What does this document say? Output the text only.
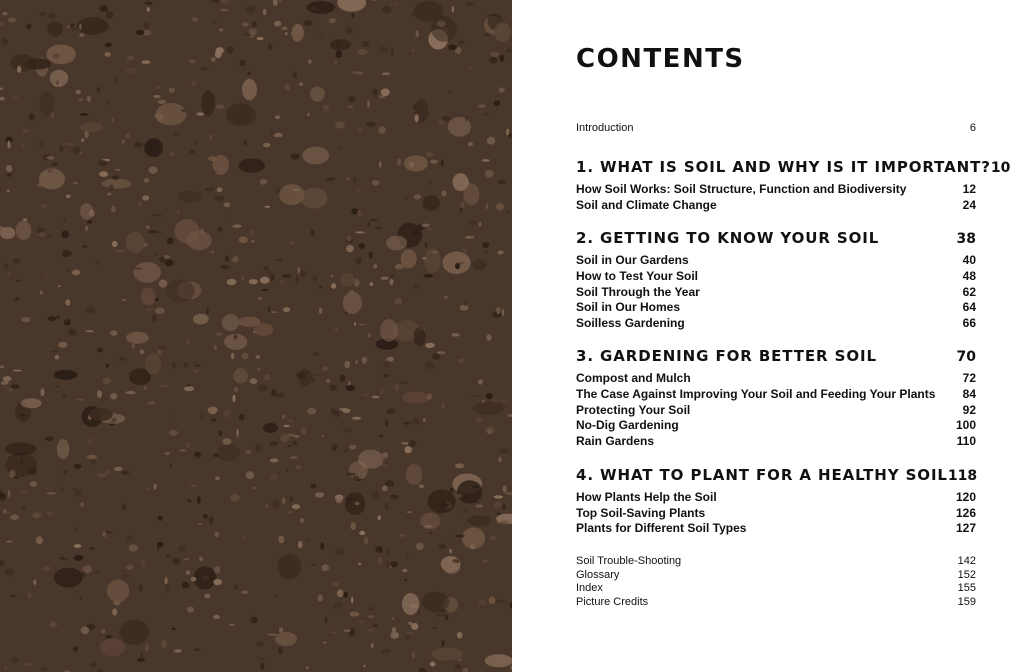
CONTENTS
Introduction	6
1. WHAT IS SOIL AND WHY IS IT IMPORTANT? 10
How Soil Works: Soil Structure, Function and Biodiversity	12
Soil and Climate Change	24
2. GETTING TO KNOW YOUR SOIL	38
Soil in Our Gardens	40
How to Test Your Soil	48
Soil Through the Year	62
Soil in Our Homes	64
Soilless Gardening	66
3. GARDENING FOR BETTER SOIL	70
Compost and Mulch	72
The Case Against Improving Your Soil and Feeding Your Plants 84
Protecting Your Soil	92
No-Dig Gardening	100
Rain Gardens	110
4. WHAT TO PLANT FOR A HEALTHY SOIL 118
How Plants Help the Soil	120
Top Soil-Saving Plants	126
Plants for Different Soil Types	127
Soil Trouble-Shooting	142
Glossary	152
Index	155
Picture Credits	159
